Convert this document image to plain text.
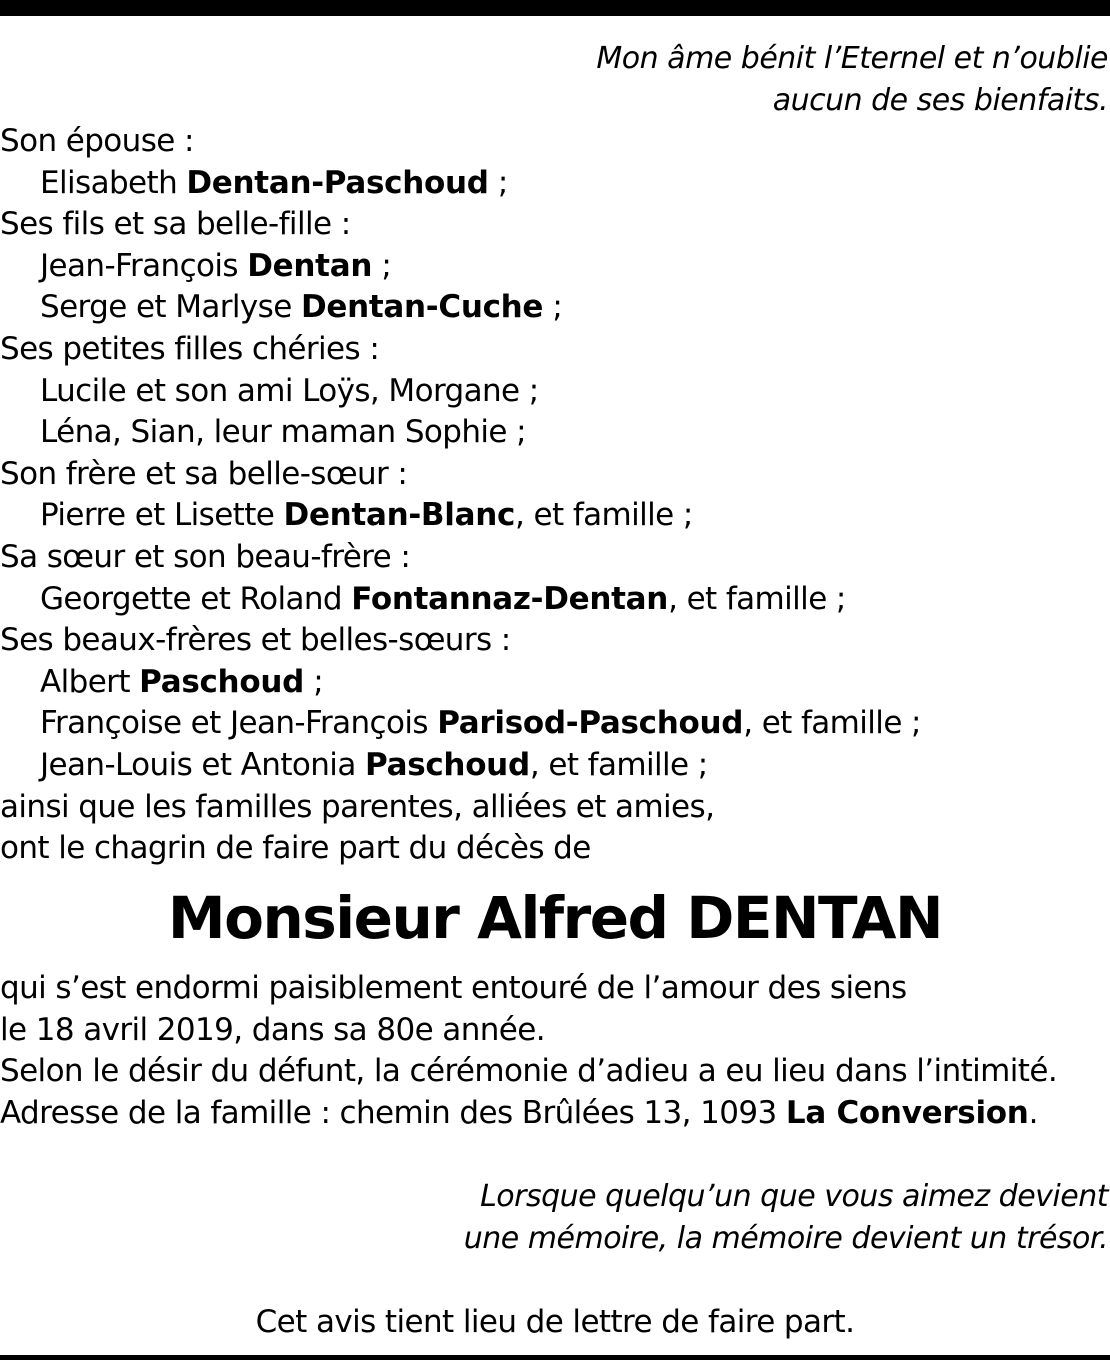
Mon âme bénit l’Eternel et n’oublie
aucun de ses bienfaits.
Son épouse :
Elisabeth Dentan-Paschoud ;
Ses fils et sa belle-fille :
Jean-François Dentan ;
Serge et Marlyse Dentan-Cuche ;
Ses petites filles chéries :
Lucile et son ami Loÿs, Morgane ;
Léna, Sian, leur maman Sophie ;
Son frère et sa belle-sœur :
Pierre et Lisette Dentan-Blanc, et famille ;
Sa sœur et son beau-frère :
Georgette et Roland Fontannaz-Dentan, et famille ;
Ses beaux-frères et belles-sœurs :
Albert Paschoud ;
Françoise et Jean-François Parisod-Paschoud, et famille ;
Jean-Louis et Antonia Paschoud, et famille ;
ainsi que les familles parentes, alliées et amies,
ont le chagrin de faire part du décès de
Monsieur Alfred DENTAN
qui s’est endormi paisiblement entouré de l’amour des siens
le 18 avril 2019, dans sa 80e année.
Selon le désir du défunt, la cérémonie d’adieu a eu lieu dans l’intimité.
Adresse de la famille : chemin des Brûlées 13, 1093 La Conversion.
Lorsque quelqu’un que vous aimez devient
une mémoire, la mémoire devient un trésor.
Cet avis tient lieu de lettre de faire part.
